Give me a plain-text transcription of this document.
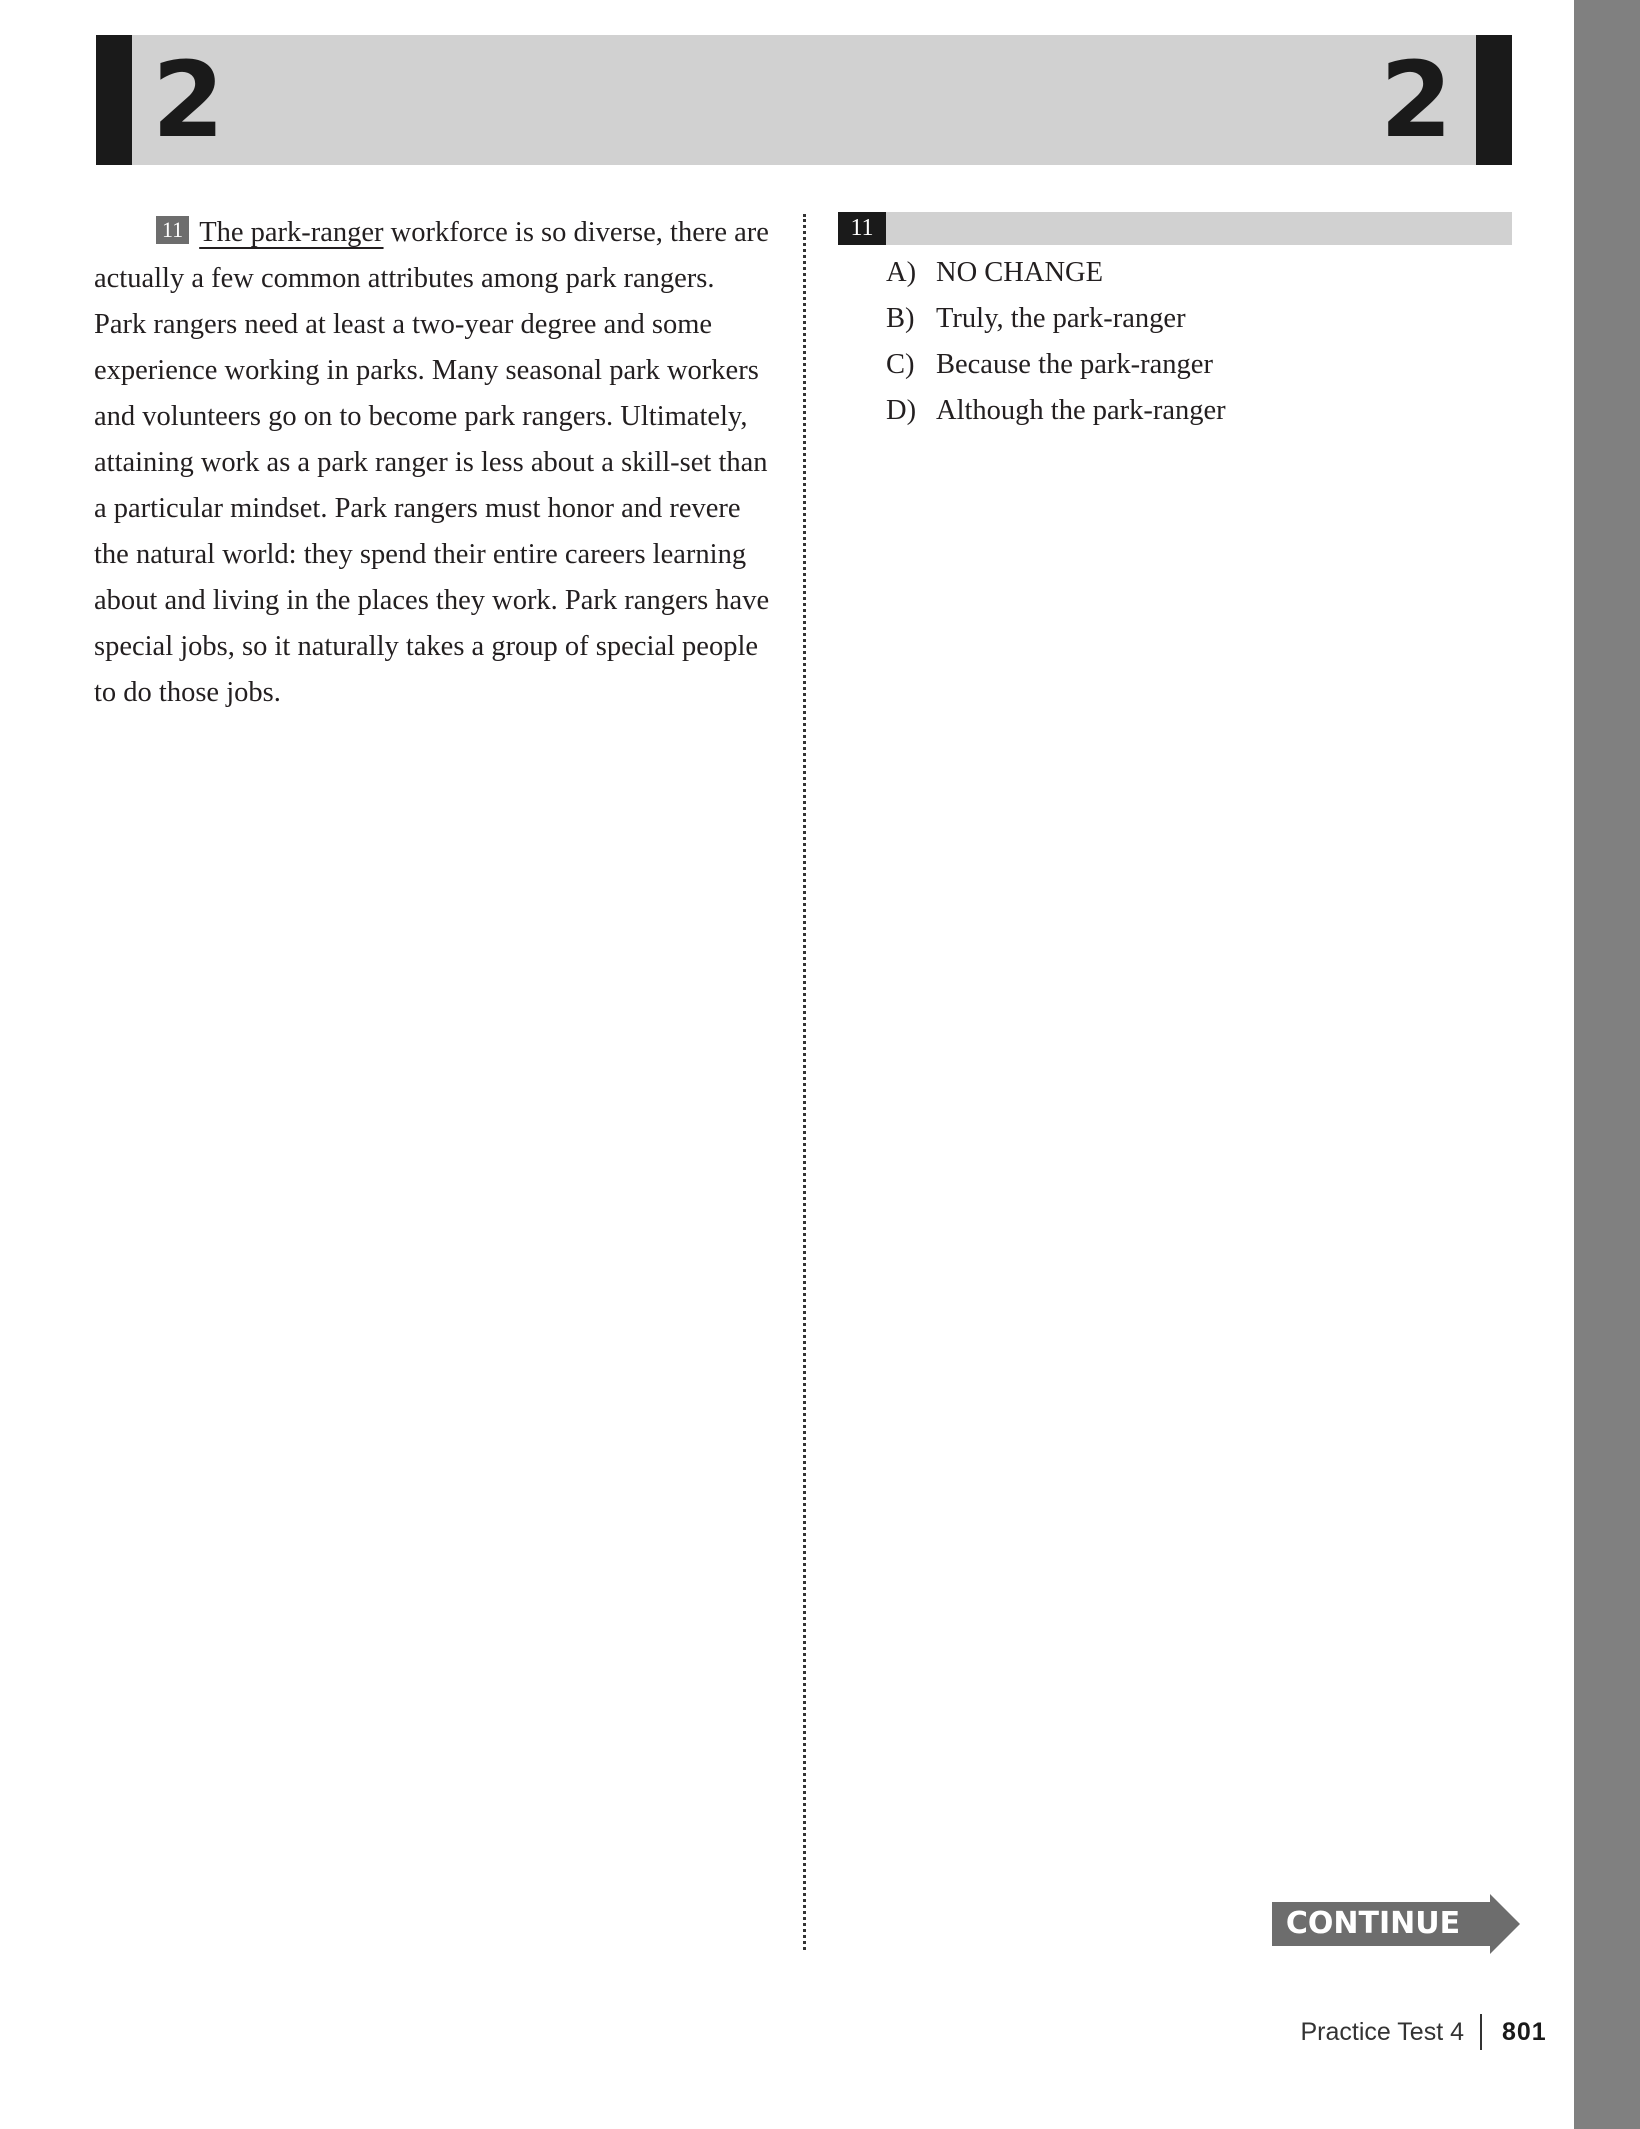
2	2

11 The park-ranger workforce is so diverse, there are actually a few common attributes among park rangers. Park rangers need at least a two-year degree and some experience working in parks. Many seasonal park workers and volunteers go on to become park rangers. Ultimately, attaining work as a park ranger is less about a skill-set than a particular mindset. Park rangers must honor and revere the natural world: they spend their entire careers learning about and living in the places they work. Park rangers have special jobs, so it naturally takes a group of special people to do those jobs.

11
A) NO CHANGE
B) Truly, the park-ranger
C) Because the park-ranger
D) Although the park-ranger
CONTINUE
Practice Test 4 801
